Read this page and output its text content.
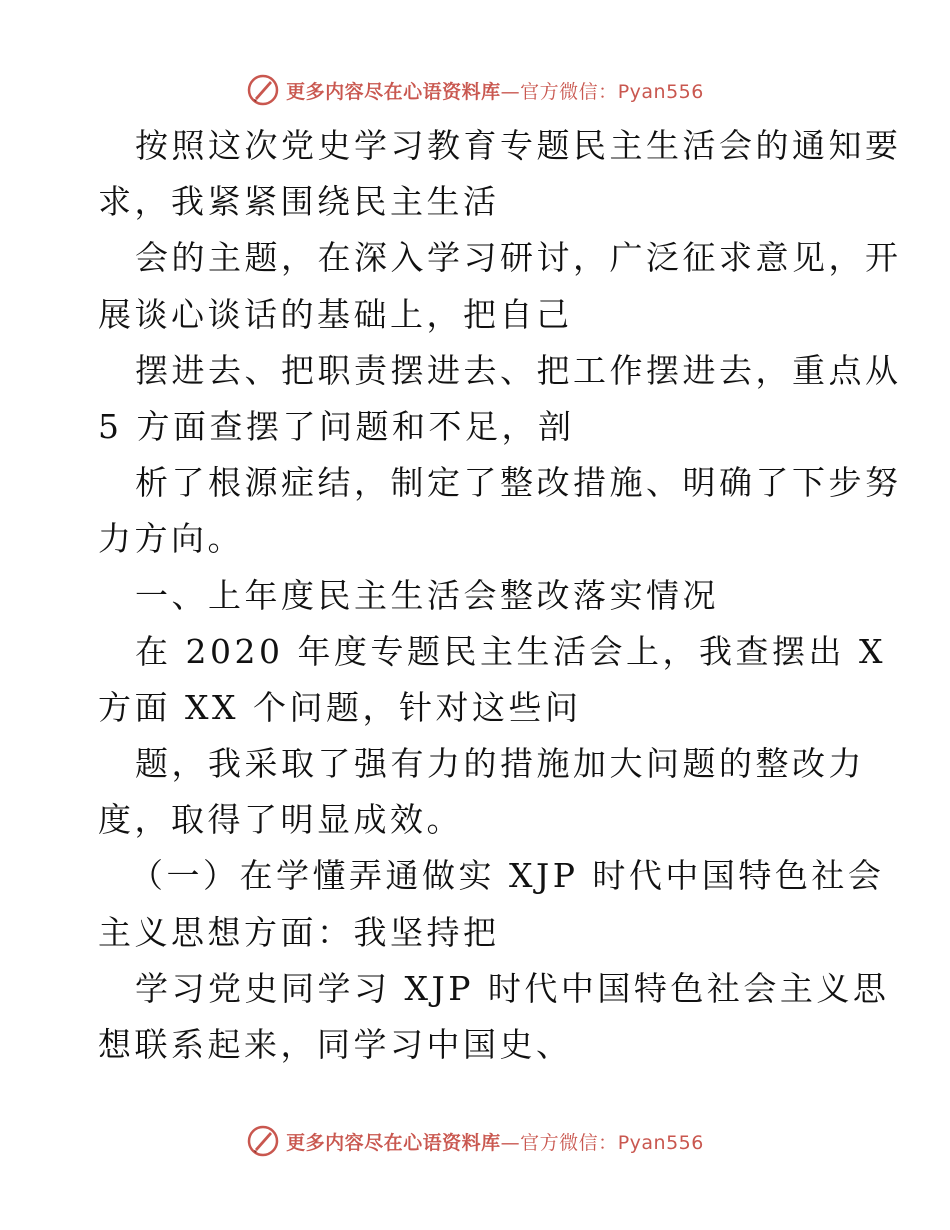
更多内容尽在心语资料库—官方微信：Pyan556
按照这次党史学习教育专题民主生活会的通知要
求，我紧紧围绕民主生活
会的主题，在深入学习研讨，广泛征求意见，开
展谈心谈话的基础上，把自己
摆进去、把职责摆进去、把工作摆进去，重点从
5 方面查摆了问题和不足，剖
析了根源症结，制定了整改措施、明确了下步努
力方向。
一、上年度民主生活会整改落实情况
在 2020 年度专题民主生活会上，我查摆出 X
方面 XX 个问题，针对这些问
题，我采取了强有力的措施加大问题的整改力
度，取得了明显成效。
（一）在学懂弄通做实 XJP 时代中国特色社会
主义思想方面：我坚持把
学习党史同学习 XJP 时代中国特色社会主义思
想联系起来，同学习中国史、
更多内容尽在心语资料库—官方微信：Pyan556
